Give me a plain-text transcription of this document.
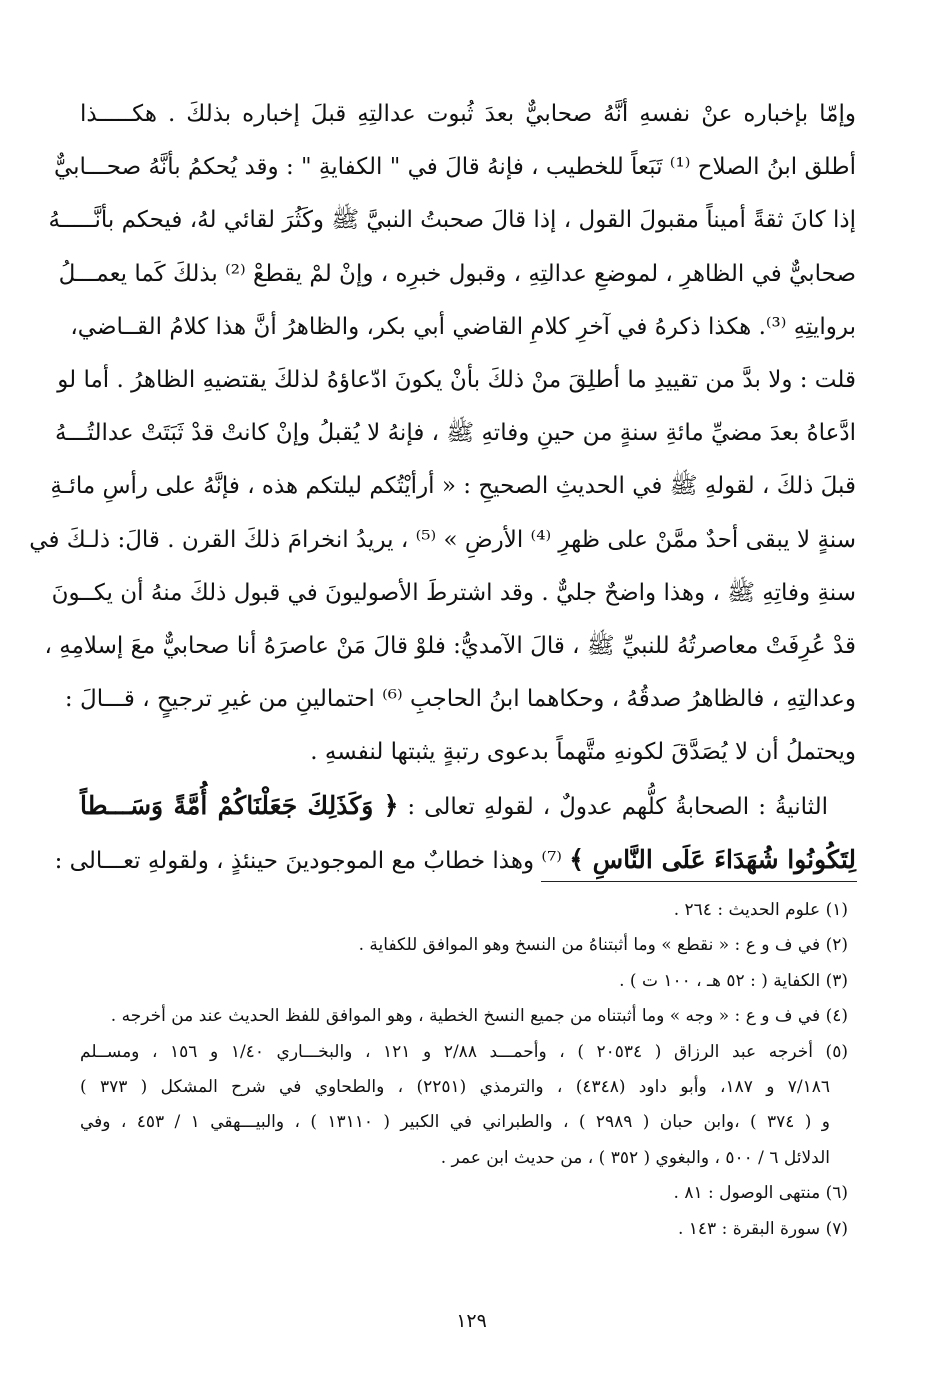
وإمّا بإخباره عنْ نفسهِ أنَّهُ صحابيٌّ بعدَ ثُبوت عدالتِهِ قبلَ إخباره بذلكَ . هكـــــذا
أطلق ابنُ الصلاح ⁽¹⁾ تَبَعاً للخطيب ، فإنهُ قالَ في " الكفايةِ " : وقد يُحكمُ بأنَّهُ صحـــابيٌّ
إذا كانَ ثقةً أميناً مقبولَ القول ، إذا قالَ صحبتُ النبيَّ ﷺ وكَثُرَ لقائي لهُ، فيحكم بأنَّـــــهُ
صحابيٌّ في الظاهرِ ، لموضعِ عدالتِهِ ، وقبول خبرِه ، وإنْ لمْ يقطعْ ⁽²⁾ بذلكَ كَما يعمـــلُ
بروايتِهِ ⁽³⁾. هكذا ذكرهُ في آخرِ كلامِ القاضي أبي بكر، والظاهرُ أنَّ هذا كلامُ القــاضي،
قلت : ولا بدَّ من تقييدِ ما أطلِقَ منْ ذلكَ بأنْ يكونَ ادّعاؤهُ لذلكَ يقتضيهِ الظاهرُ . أما لو
ادَّعاهُ بعدَ مضيِّ مائةِ سنةٍ من حينِ وفاتهِ ﷺ ، فإنهُ لا يُقبلُ وإنْ كانتْ قدْ ثَبَتَتْ عدالتُـــهُ
قبلَ ذلكَ ، لقولهِ ﷺ في الحديثِ الصحيحِ : « أرأيْتُكم ليلتكم هذه ، فإنَّهُ على رأسِ مائـةِ
سنةٍ لا يبقى أحدٌ ممَّنْ على ظهرِ ⁽⁴⁾ الأرضِ » ⁽⁵⁾ ، يريدُ انخرامَ ذلكَ القرن . قالَ: ذلـكَ في
سنةِ وفاتِهِ ﷺ ، وهذا واضحٌ جليٌّ . وقد اشترطَ الأصوليونَ في قبول ذلكَ منهُ أن يكــونَ
قدْ عُرِفَتْ معاصرتُهُ للنبيِّ ﷺ ، قالَ الآمديُّ: فلوْ قالَ مَنْ عاصرَهُ أنا صحابيٌّ معَ إسلامِهِ ،
وعدالتِهِ ، فالظاهرُ صدقُهُ ، وحكاهما ابنُ الحاجبِ ⁽⁶⁾ احتمالينِ من غيرِ ترجيحٍ ، قـــالَ :
ويحتملُ أن لا يُصَدَّقَ لكونهِ متَّهماً بدعوى رتبةٍ يثبتها لنفسهِ .
الثانيةُ : الصحابةُ كلُّهم عدولٌ ، لقولهِ تعالى : ﴿ وَكَذَلِكَ جَعَلْنَاكُمْ أُمَّةً وَسَـــطاً
لِتَكُونُوا شُهَدَاءَ عَلَى النَّاسِ ﴾ ⁽⁷⁾ وهذا خطابٌ مع الموجودينَ حينئذٍ ، ولقولهِ تعـــالى :
(١) علوم الحديث : ٢٦٤ .
(٢) في ف و ع : « نقطع » وما أثبتناهُ من النسخ وهو الموافق للكفاية .
(٣) الكفاية ( : ٥٢ هـ ، ١٠٠ ت ) .
(٤) في ف و ع : « وجه » وما أثبتناه من جميع النسخ الخطية ، وهو الموافق للفظ الحديث عند من أخرجه .
(٥) أخرجه عبد الرزاق ( ٢٠٥٣٤ ) ، وأحمـــد ٢/٨٨ و ١٢١ ، والبخـــاري ١/٤٠ و ١٥٦ ، ومســلم
٧/١٨٦ و ١٨٧، وأبو داود (٤٣٤٨) ، والترمذي (٢٢٥١) ، والطحاوي في شرح المشكل ( ٣٧٣ )
و ( ٣٧٤ ) ،وابن حبان ( ٢٩٨٩ ) ، والطبراني في الكبير ( ١٣١١٠ ) ، والبيـــهقي ١ / ٤٥٣ ، وفي
الدلائل ٦ / ٥٠٠ ، والبغوي ( ٣٥٢ ) ، من حديث ابن عمر .
(٦) منتهى الوصول : ٨١ .
(٧) سورة البقرة : ١٤٣ .
١٢٩
